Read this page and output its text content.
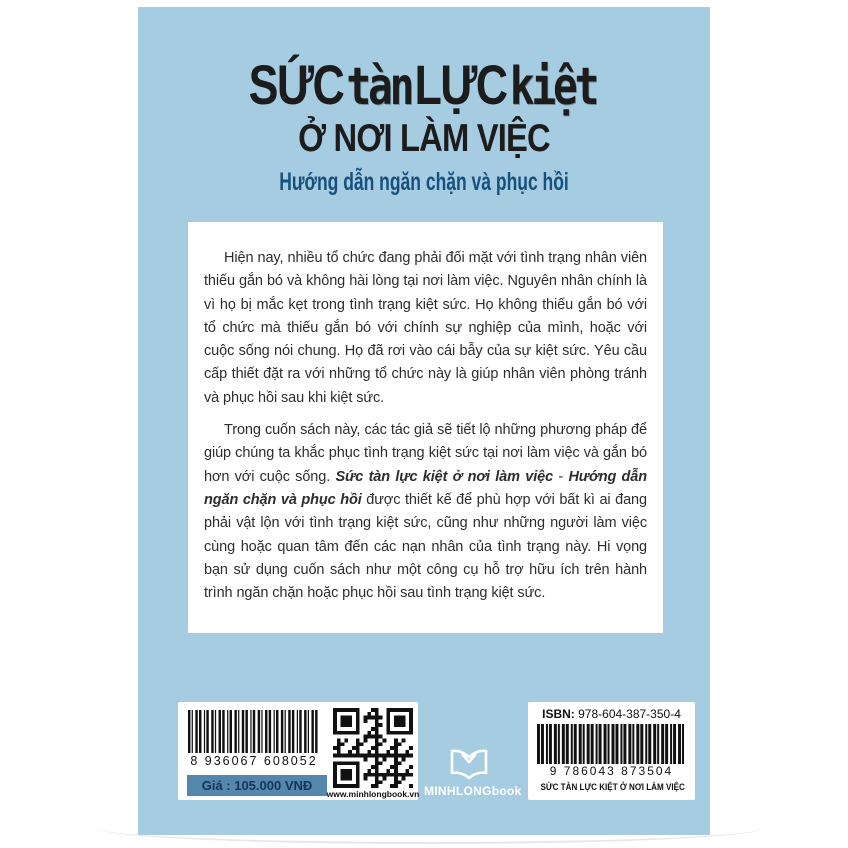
SỨCtànLỰCkiệt
Ở NƠI LÀM VIỆC
Hướng dẫn ngăn chặn và phục hồi

Hiện nay, nhiều tổ chức đang phải đối mặt với tình trạng nhân viên thiếu gắn bó và không hài lòng tại nơi làm việc. Nguyên nhân chính là vì họ bị mắc kẹt trong tình trạng kiệt sức. Họ không thiếu gắn bó với tổ chức mà thiếu gắn bó với chính sự nghiệp của mình, hoặc với cuộc sống nói chung. Họ đã rơi vào cái bẫy của sự kiệt sức. Yêu cầu cấp thiết đặt ra với những tổ chức này là giúp nhân viên phòng tránh và phục hồi sau khi kiệt sức.

Trong cuốn sách này, các tác giả sẽ tiết lộ những phương pháp để giúp chúng ta khắc phục tình trạng kiệt sức tại nơi làm việc và gắn bó hơn với cuộc sống. Sức tàn lực kiệt ở nơi làm việc - Hướng dẫn ngăn chặn và phục hồi được thiết kế để phù hợp với bất kì ai đang phải vật lộn với tình trạng kiệt sức, cũng như những người làm việc cùng hoặc quan tâm đến các nạn nhân của tình trạng này. Hi vọng bạn sử dụng cuốn sách như một công cụ hỗ trợ hữu ích trên hành trình ngăn chặn hoặc phục hồi sau tình trạng kiệt sức.

8 936067 608052
Giá : 105.000 VNĐ
www.minhlongbook.vn MINHLONGbook
ISBN: 978-604-387-350-4
9 786043 873504
SỨC TÀN LỰC KIỆT Ở NƠI LÀM VIỆC
